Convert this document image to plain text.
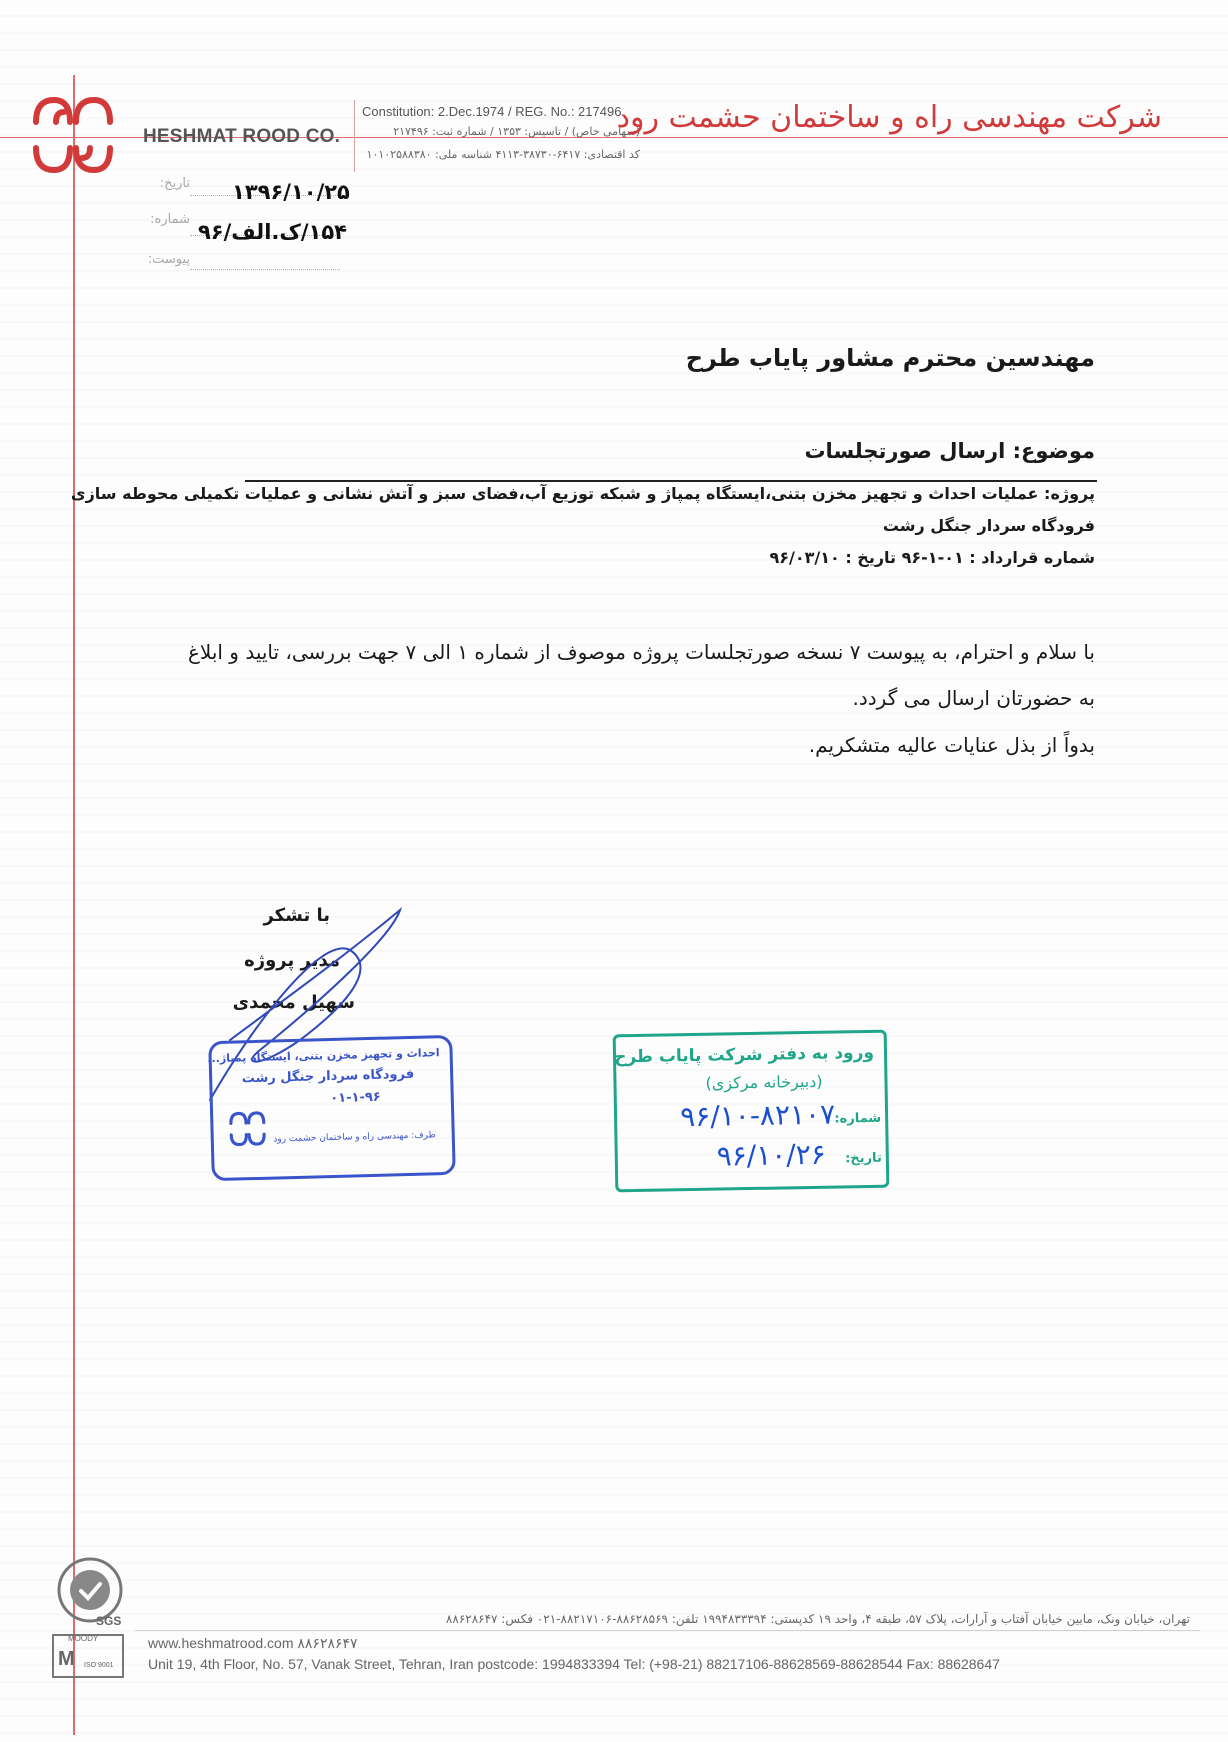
HESHMAT ROOD CO.
Constitution: 2.Dec.1974 / REG. No.: 217496
(سهامی خاص) / تاسیس: ۱۳۵۳ / شماره ثبت: ۲۱۷۴۹۶
کد اقتصادی: ۶۴۱۷-۳۸۷۳۰-۴۱۱۳ شناسه ملی: ۱۰۱۰۲۵۸۸۳۸۰
شرکت مهندسی راه و ساختمان حشمت رود
تاریخ: ۱۳۹۶/۱۰/۲۵
شماره:
۱۵۴/ک.الف/۹۶
پیوست:
مهندسین محترم مشاور پایاب طرح
موضوع: ارسال صورتجلسات
پروژه: عملیات احداث و تجهیز مخزن بتنی،ایستگاه پمپاژ و شبکه توزیع آب،فضای سبز و آتش نشانی و عملیات تکمیلی محوطه سازی
فرودگاه سردار جنگل رشت
شماره قرارداد : ۰۱-۱-۹۶ تاریخ : ۹۶/۰۳/۱۰
با سلام و احترام، به پیوست ۷ نسخه صورتجلسات پروژه موصوف از شماره ۱ الی ۷ جهت بررسی، تایید و ابلاغ
به حضورتان ارسال می گردد.
بدواً از بذل عنایات عالیه متشکریم.
با تشکر
مدیر پروژه
سهیل محمدی
احداث و تجهیز مخزن بتنی، ایستگاه پمپاژ...
فرودگاه سردار جنگل رشت
۰۱-۱-۹۶
طرف: مهندسی راه و ساختمان حشمت رود
ورود به دفتر شرکت پایاب طرح
(دبیرخانه مرکزی)
شماره:
۹۶/۱۰-۸۲۱۰۷
تاریخ:
۹۶/۱۰/۲۶
SGS
MOODY
M ISO 9001
تهران، خیابان ونک، مابین خیابان آفتاب و آرارات، پلاک ۵۷، طبقه ۴، واحد ۱۹ کدپستی: ۱۹۹۴۸۳۳۳۹۴ تلفن: ۸۸۶۲۸۵۶۹-۸۸۲۱۷۱۰۶-۰۲۱ فکس: ۸۸۶۲۸۶۴۷
www.heshmatrood.com ۸۸۶۲۸۶۴۷
Unit 19, 4th Floor, No. 57, Vanak Street, Tehran, Iran postcode: 1994833394 Tel: (+98-21) 88217106-88628569-88628544 Fax: 88628647
